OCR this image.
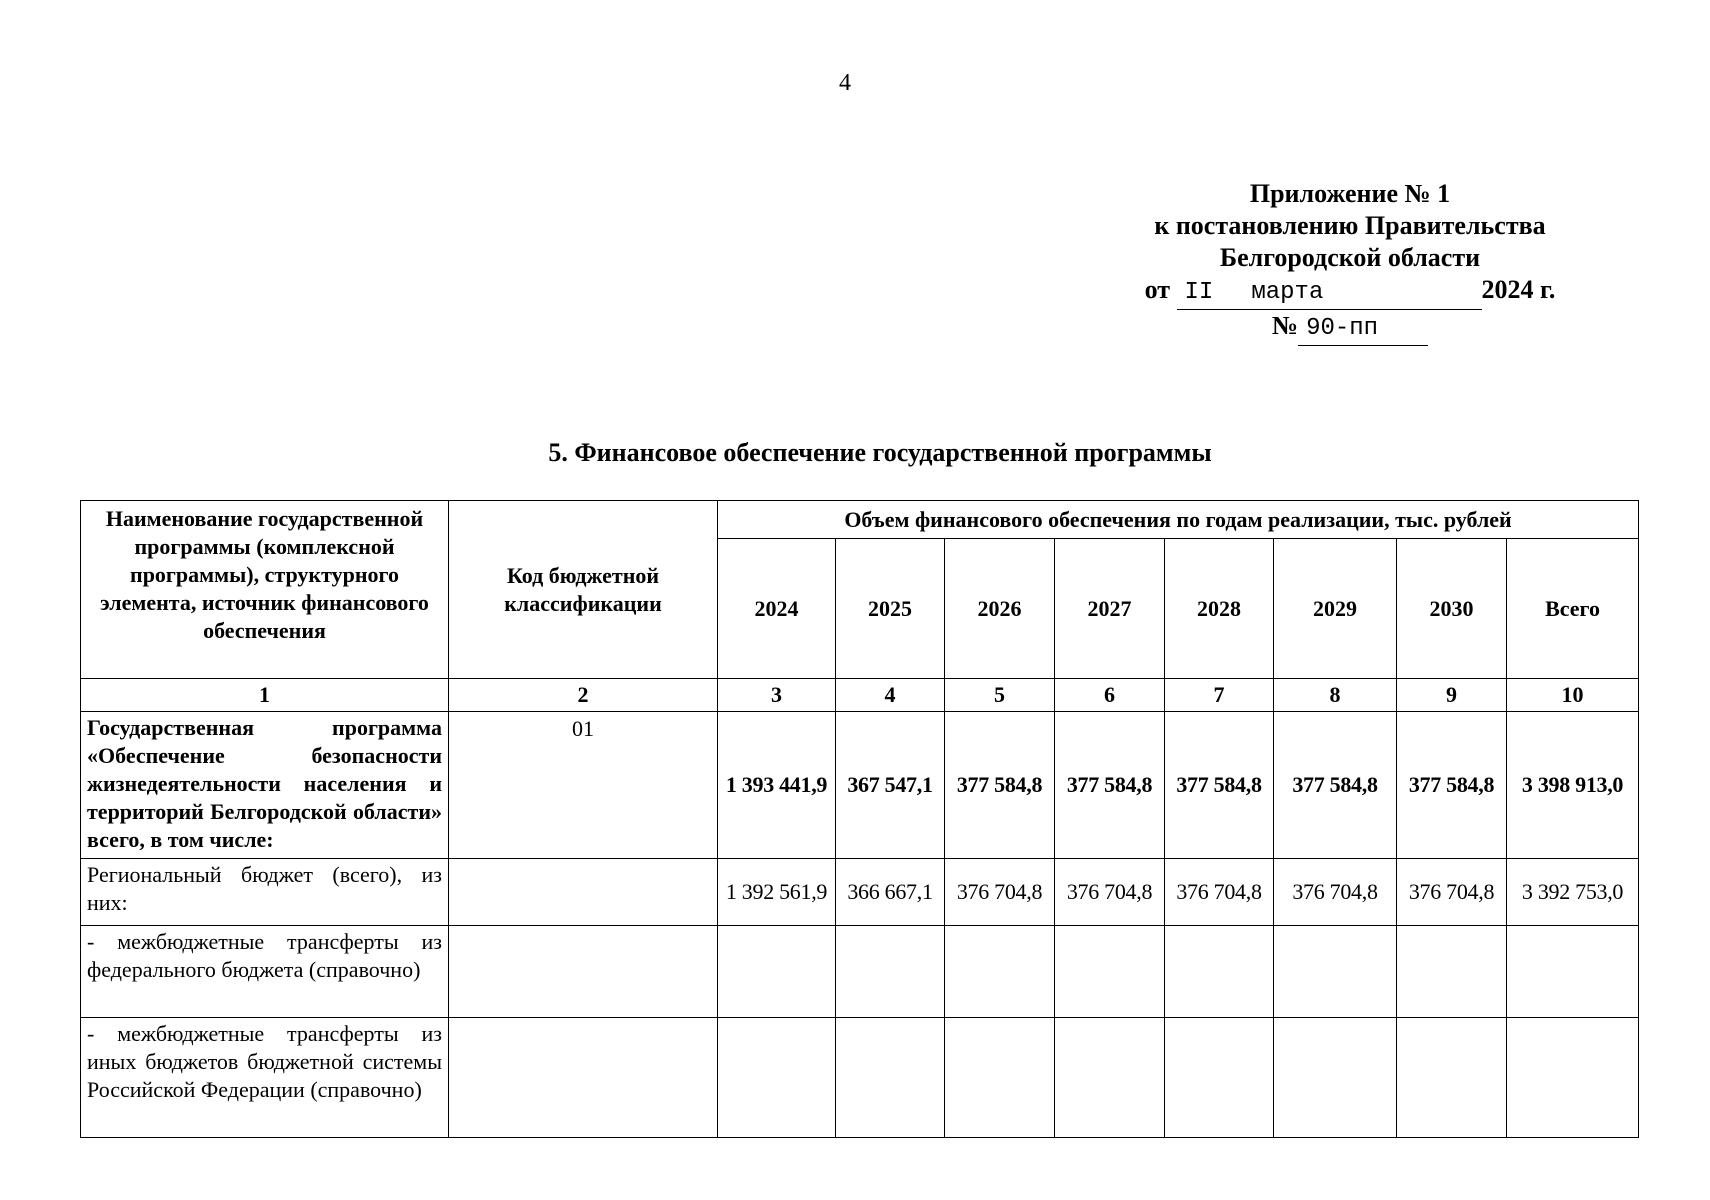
4
Приложение № 1
к постановлению Правительства
Белгородской области
от II марта	2024 г.
№ 90-пп
5. Финансовое обеспечение государственной программы
Наименование государственной программы (комплексной программы), структурного элемента, источник финансового обеспечения	Код бюджетной классификации	Объем финансового обеспечения по годам реализации, тыс. рублей							
		2024	2025	2026	2027	2028	2029	2030	Всего
1	2	3	4	5	6	7	8	9	10
Государственная программа «Обеспечение безопасности жизнедеятельности населения и территорий Белгородской области» всего, в том числе:	01	1 393 441,9	367 547,1	377 584,8	377 584,8	377 584,8	377 584,8	377 584,8	3 398 913,0
Региональный бюджет (всего), из них:		1 392 561,9	366 667,1	376 704,8	376 704,8	376 704,8	376 704,8	376 704,8	3 392 753,0
- межбюджетные трансферты из федерального бюджета (справочно)									
- межбюджетные трансферты из иных бюджетов бюджетной системы Российской Федерации (справочно)									
